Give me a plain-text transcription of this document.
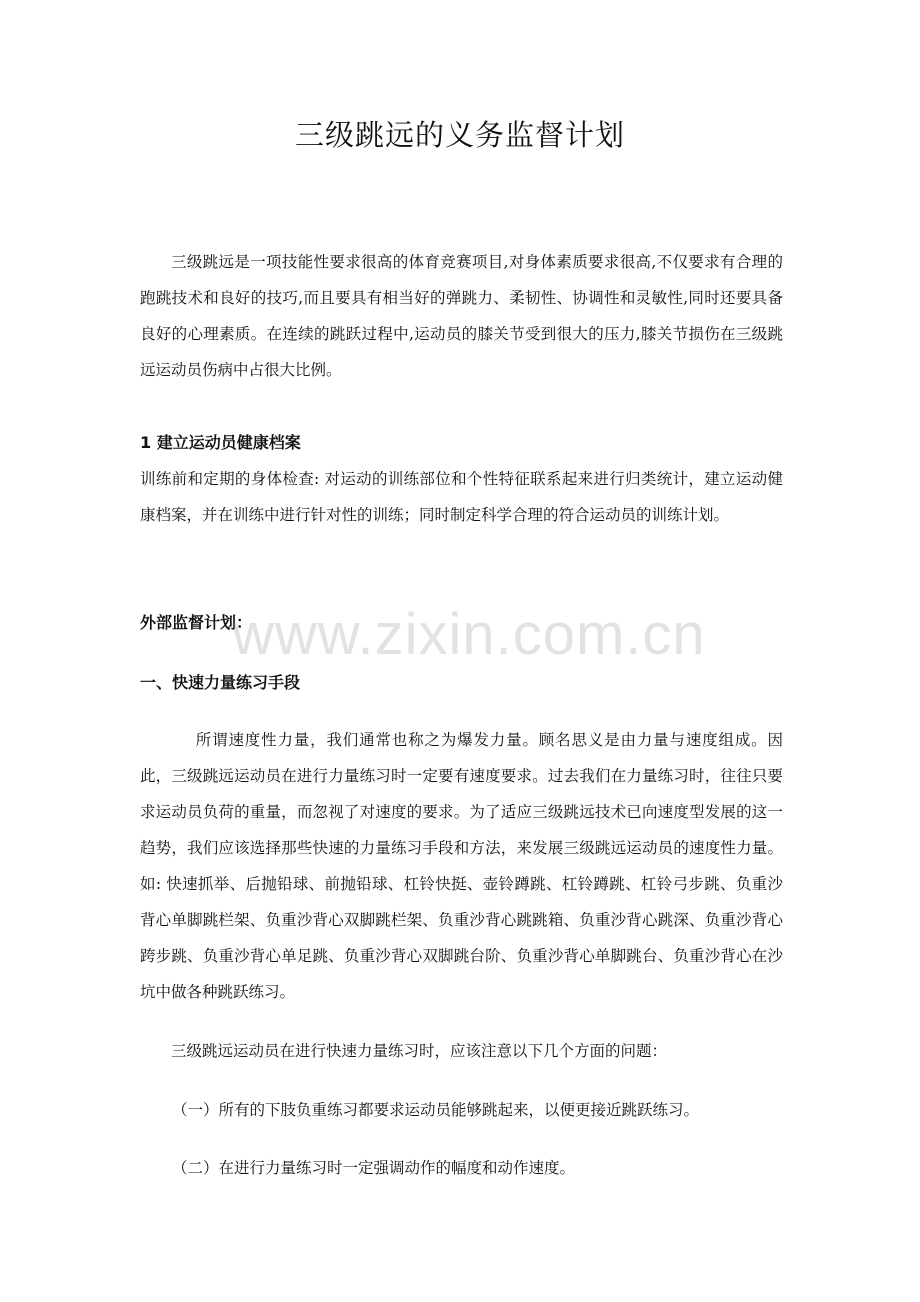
三级跳远的义务监督计划

三级跳远是一项技能性要求很高的体育竞赛项目,对身体素质要求很高,不仅要求有合理的跑跳技术和良好的技巧,而且要具有相当好的弹跳力、柔韧性、协调性和灵敏性,同时还要具备良好的心理素质。在连续的跳跃过程中,运动员的膝关节受到很大的压力,膝关节损伤在三级跳远运动员伤病中占很大比例。

1 建立运动员健康档案

训练前和定期的身体检查: 对运动的训练部位和个性特征联系起来进行归类统计，建立运动健康档案，并在训练中进行针对性的训练；同时制定科学合理的符合运动员的训练计划。

外部监督计划：
一、快速力量练习手段

所谓速度性力量，我们通常也称之为爆发力量。顾名思义是由力量与速度组成。因此，三级跳远运动员在进行力量练习时一定要有速度要求。过去我们在力量练习时，往往只要求运动员负荷的重量，而忽视了对速度的要求。为了适应三级跳远技术已向速度型发展的这一趋势，我们应该选择那些快速的力量练习手段和方法，来发展三级跳远运动员的速度性力量。如: 快速抓举、后抛铅球、前抛铅球、杠铃快挺、壶铃蹲跳、杠铃蹲跳、杠铃弓步跳、负重沙背心单脚跳栏架、负重沙背心双脚跳栏架、负重沙背心跳跳箱、负重沙背心跳深、负重沙背心跨步跳、负重沙背心单足跳、负重沙背心双脚跳台阶、负重沙背心单脚跳台、负重沙背心在沙坑中做各种跳跃练习。

三级跳远运动员在进行快速力量练习时，应该注意以下几个方面的问题：

（一）所有的下肢负重练习都要求运动员能够跳起来，以便更接近跳跃练习。

（二）在进行力量练习时一定强调动作的幅度和动作速度。

www.zixin.com.cn
